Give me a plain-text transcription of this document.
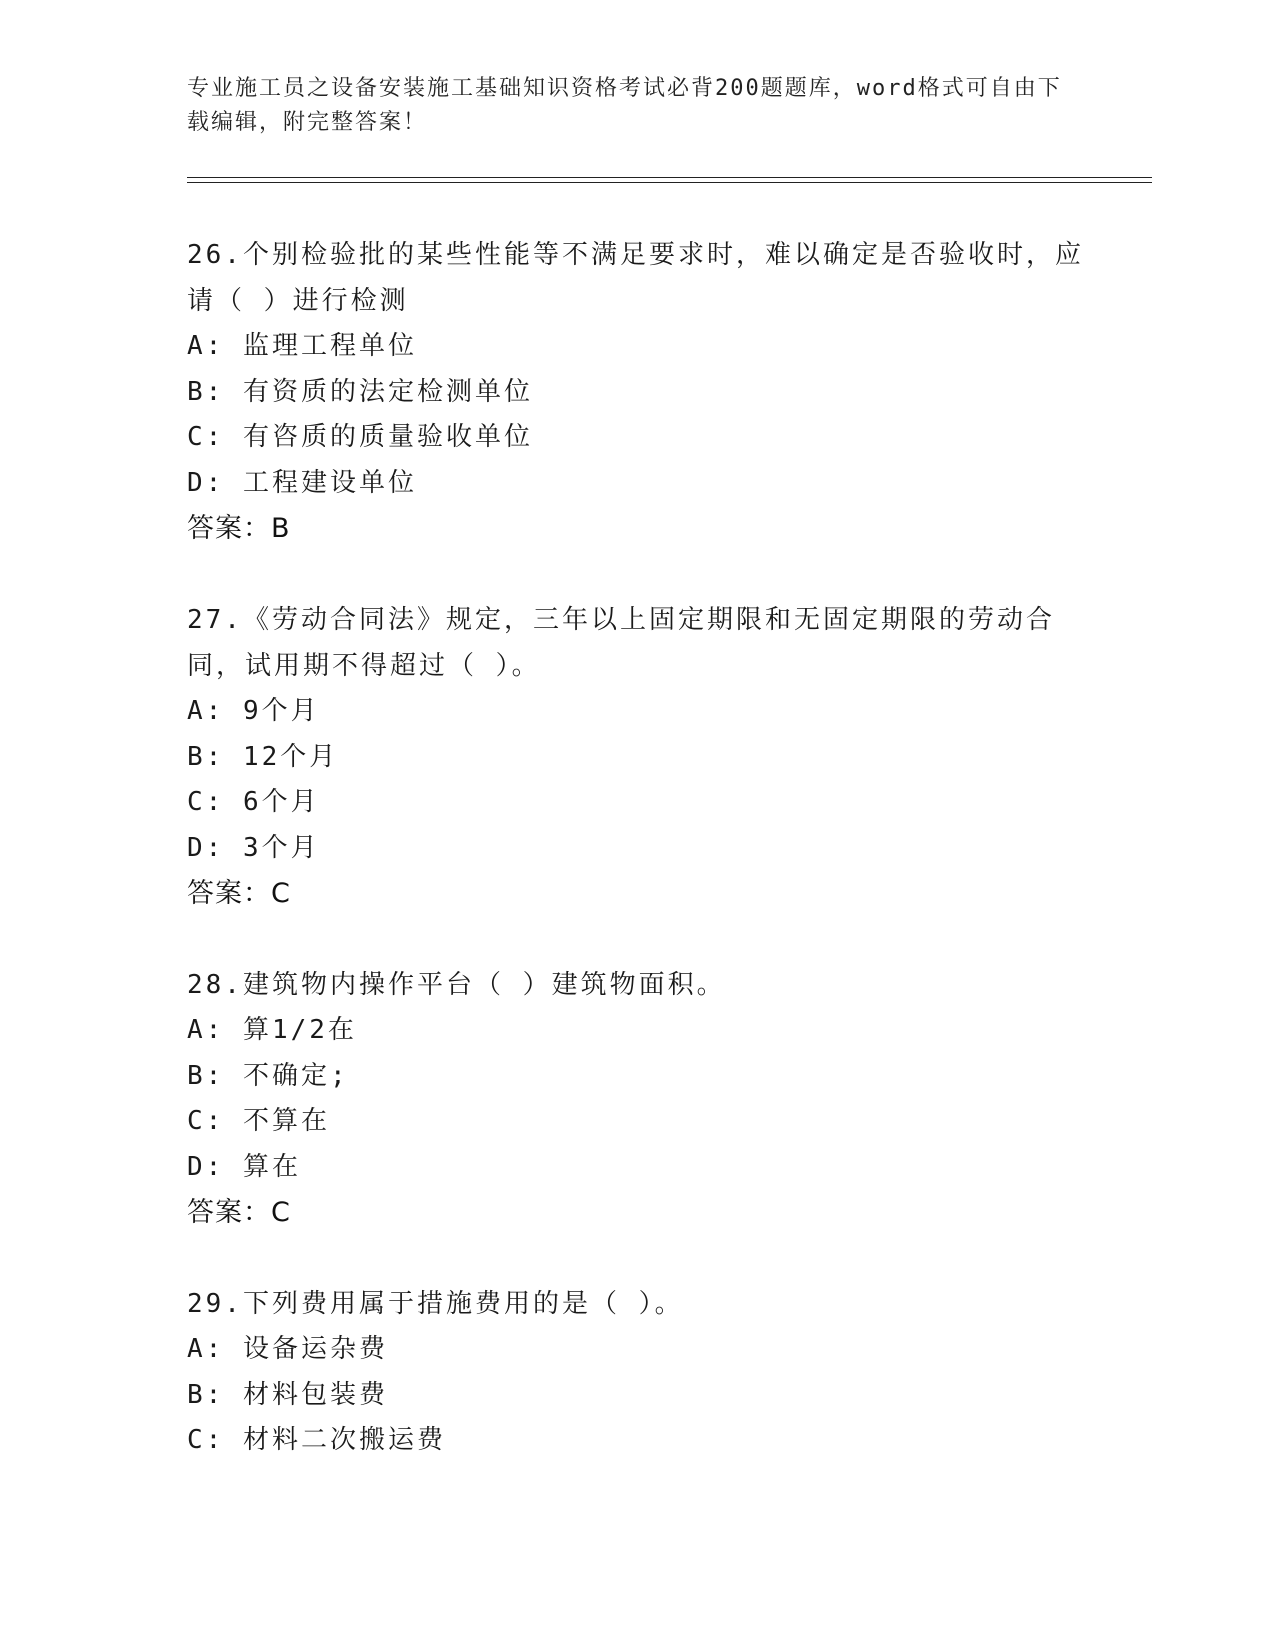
专业施工员之设备安装施工基础知识资格考试必背200题题库，word格式可自由下载编辑，附完整答案！

26.个别检验批的某些性能等不满足要求时，难以确定是否验收时，应请（ ）进行检测

A: 监理工程单位

B: 有资质的法定检测单位

C: 有咨质的质量验收单位

D: 工程建设单位

答案：B

27.《劳动合同法》规定，三年以上固定期限和无固定期限的劳动合同，试用期不得超过（ ）。

A: 9个月

B: 12个月

C: 6个月

D: 3个月

答案：C

28.建筑物内操作平台（ ）建筑物面积。

A: 算1/2在

B: 不确定;

C: 不算在

D: 算在

答案：C

29.下列费用属于措施费用的是（ ）。

A: 设备运杂费

B: 材料包装费

C: 材料二次搬运费
